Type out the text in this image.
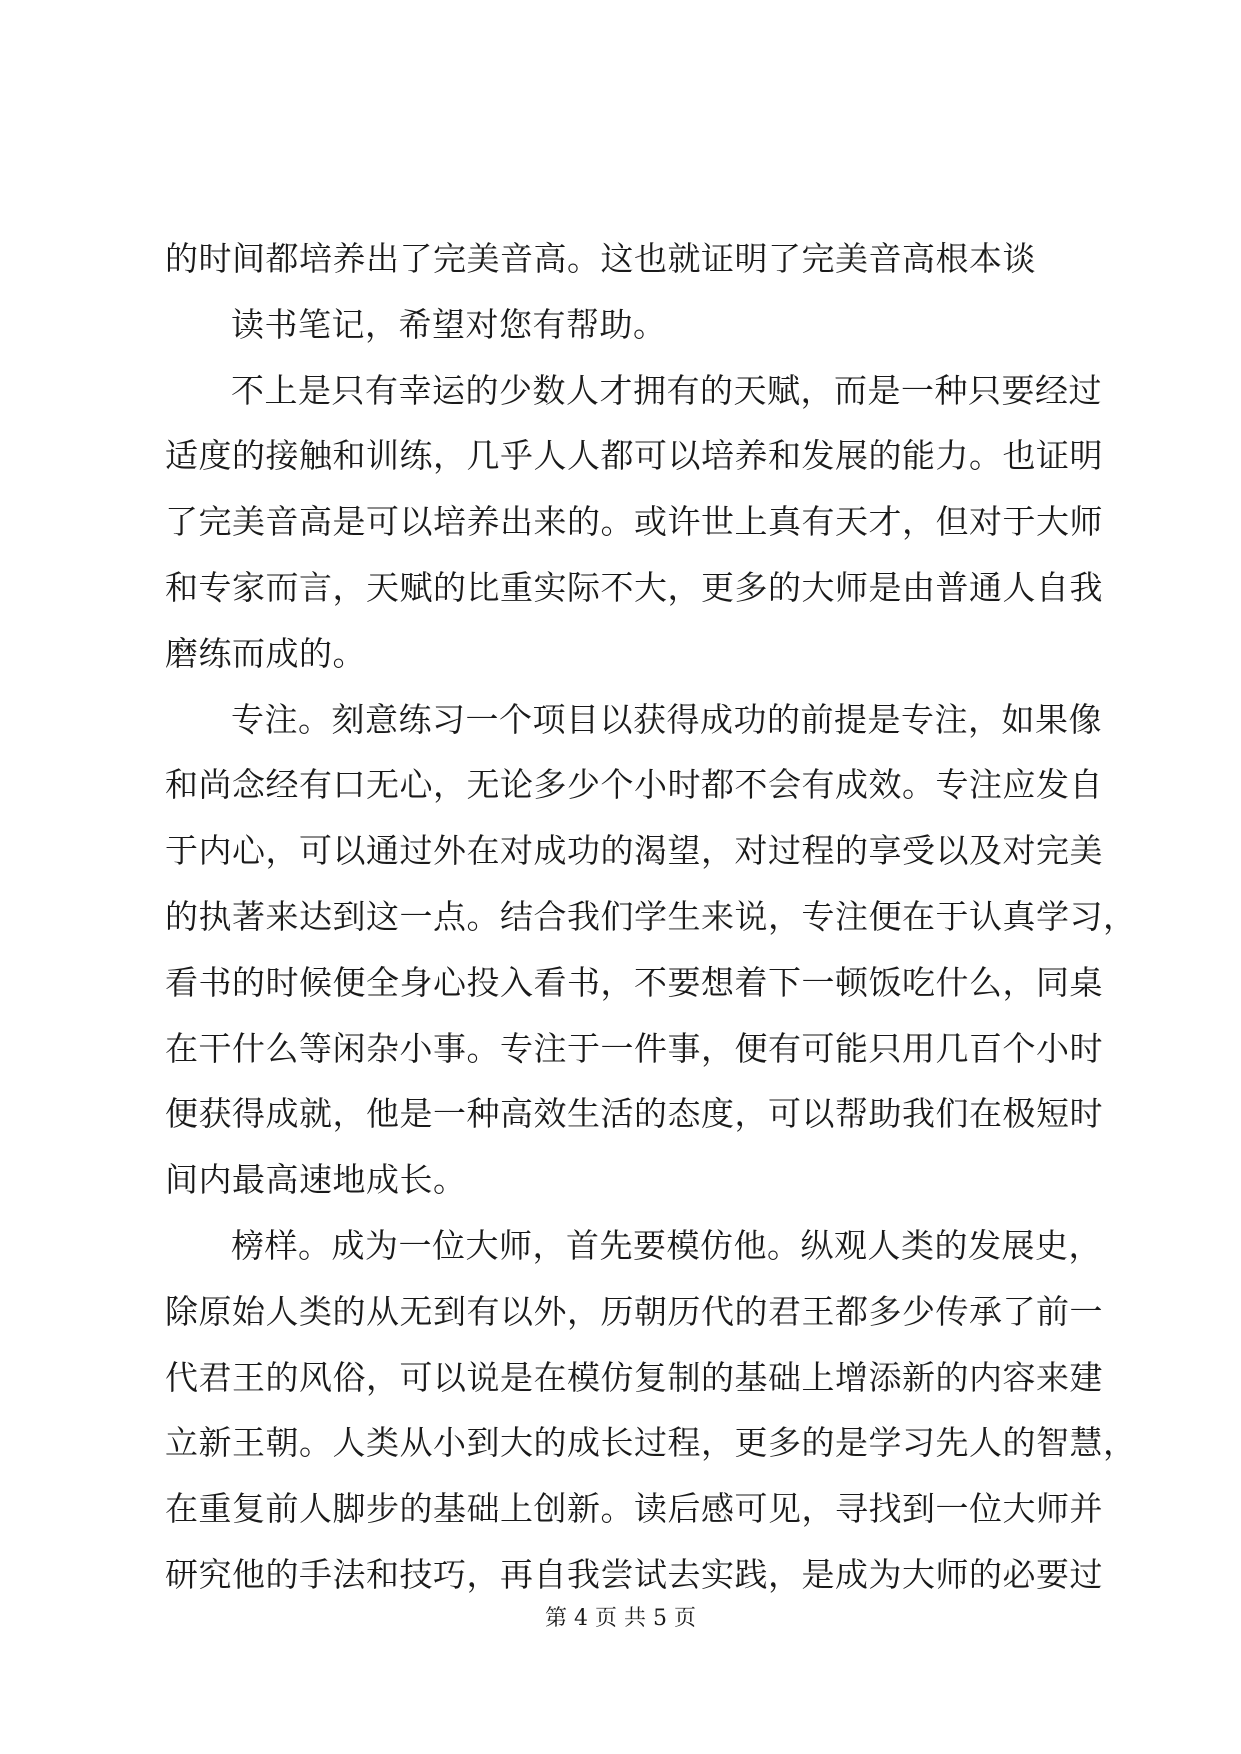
的时间都培养出了完美音高。这也就证明了完美音高根本谈
读书笔记，希望对您有帮助。
不上是只有幸运的少数人才拥有的天赋，而是一种只要经过
适度的接触和训练，几乎人人都可以培养和发展的能力。也证明
了完美音高是可以培养出来的。或许世上真有天才，但对于大师
和专家而言，天赋的比重实际不大，更多的大师是由普通人自我
磨练而成的。
专注。刻意练习一个项目以获得成功的前提是专注，如果像
和尚念经有口无心，无论多少个小时都不会有成效。专注应发自
于内心，可以通过外在对成功的渴望，对过程的享受以及对完美
的执著来达到这一点。结合我们学生来说，专注便在于认真学习，
看书的时候便全身心投入看书，不要想着下一顿饭吃什么，同桌
在干什么等闲杂小事。专注于一件事，便有可能只用几百个小时
便获得成就，他是一种高效生活的态度，可以帮助我们在极短时
间内最高速地成长。
榜样。成为一位大师，首先要模仿他。纵观人类的发展史，
除原始人类的从无到有以外，历朝历代的君王都多少传承了前一
代君王的风俗，可以说是在模仿复制的基础上增添新的内容来建
立新王朝。人类从小到大的成长过程，更多的是学习先人的智慧，
在重复前人脚步的基础上创新。读后感可见，寻找到一位大师并
研究他的手法和技巧，再自我尝试去实践，是成为大师的必要过
第 4 页 共 5 页
